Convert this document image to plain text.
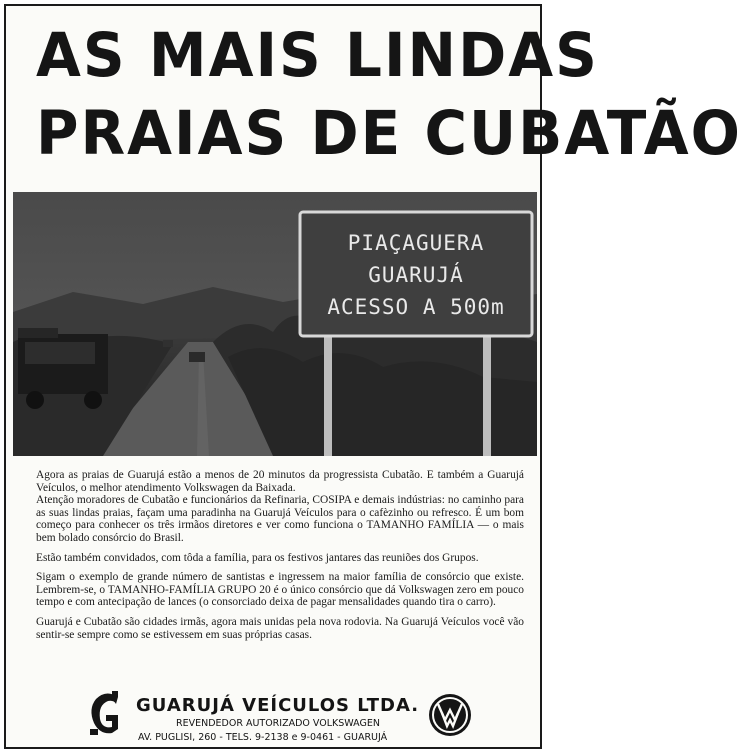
AS MAIS LINDAS
PRAIAS DE CUBATÃO
PIAÇAGUERA
GUARUJÁ
ACESSO A 500m

Agora as praias de Guarujá estão a menos de 20 minutos da progressista Cubatão. E também a Guarujá Veículos, o melhor atendimento Volkswagen da Baixada.

Atenção moradores de Cubatão e funcionários da Refinaria, COSIPA e demais indústrias: no caminho para as suas lindas praias, façam uma paradinha na Guarujá Veículos para o cafèzinho ou refresco. É um bom começo para conhecer os três irmãos diretores e ver como funciona o TAMANHO FAMÍLIA — o mais bem bolado consórcio do Brasil.

Estão também convidados, com tôda a família, para os festivos jantares das reuniões dos Grupos.

Sigam o exemplo de grande número de santistas e ingressem na maior família de consórcio que existe. Lembrem-se, o TAMANHO-FAMÍLIA GRUPO 20 é o único consórcio que dá Volkswagen zero em pouco tempo e com antecipação de lances (o consorciado deixa de pagar mensalidades quando tira o carro).

Guarujá e Cubatão são cidades irmãs, agora mais unidas pela nova rodovia. Na Guarujá Veículos você vão sentir-se sempre como se estivessem em suas próprias casas.

GUARUJÁ VEÍCULOS LTDA.
REVENDEDOR AUTORIZADO VOLKSWAGEN
AV. PUGLISI, 260 - TELS. 9-2138 e 9-0461 - GUARUJÁ
